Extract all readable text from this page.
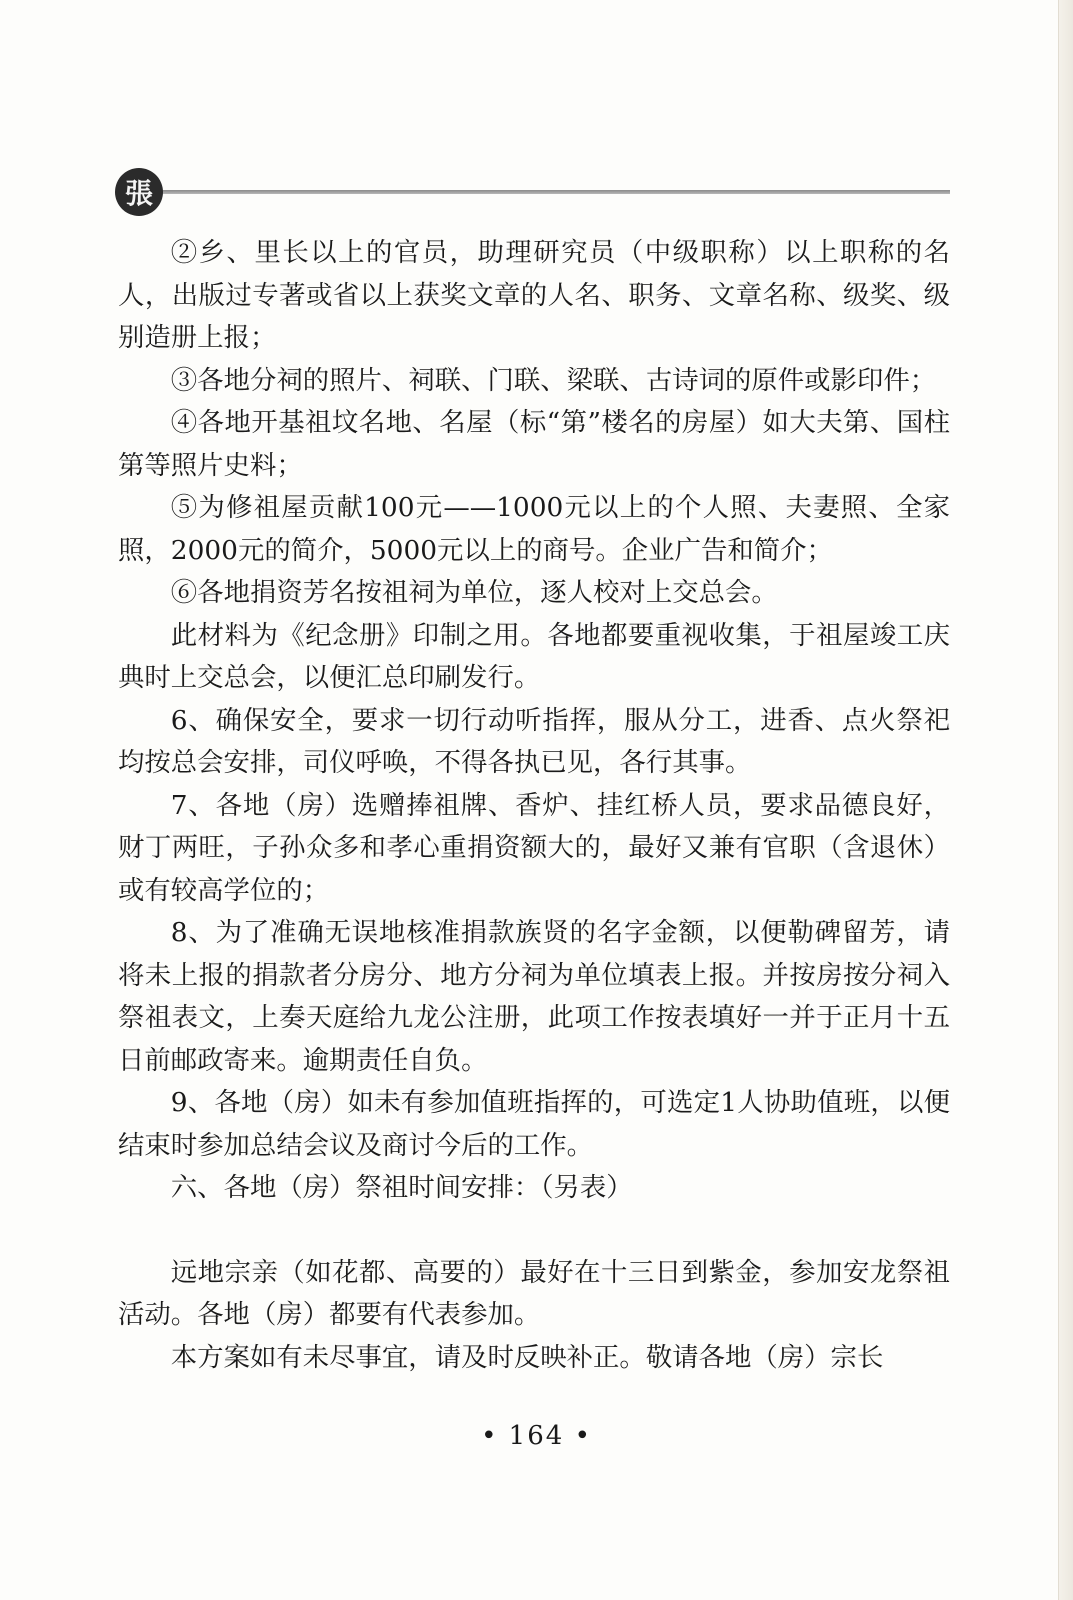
張

②乡、里长以上的官员，助理研究员（中级职称）以上职称的名人，出版过专著或省以上获奖文章的人名、职务、文章名称、级奖、级别造册上报；

③各地分祠的照片、祠联、门联、梁联、古诗词的原件或影印件；

④各地开基祖坟名地、名屋（标“第”楼名的房屋）如大夫第、国柱第等照片史料；

⑤为修祖屋贡献100元——1000元以上的个人照、夫妻照、全家照，2000元的简介，5000元以上的商号。企业广告和简介；

⑥各地捐资芳名按祖祠为单位，逐人校对上交总会。

此材料为《纪念册》印制之用。各地都要重视收集，于祖屋竣工庆典时上交总会，以便汇总印刷发行。

6、确保安全，要求一切行动听指挥，服从分工，进香、点火祭祀均按总会安排，司仪呼唤，不得各执已见，各行其事。

7、各地（房）选赠捧祖牌、香炉、挂红桥人员，要求品德良好，财丁两旺，子孙众多和孝心重捐资额大的，最好又兼有官职（含退休）或有较高学位的；

8、为了准确无误地核准捐款族贤的名字金额，以便勒碑留芳，请将未上报的捐款者分房分、地方分祠为单位填表上报。并按房按分祠入祭祖表文，上奏天庭给九龙公注册，此项工作按表填好一并于正月十五日前邮政寄来。逾期责任自负。

9、各地（房）如未有参加值班指挥的，可选定1人协助值班，以便结束时参加总结会议及商讨今后的工作。

六、各地（房）祭祖时间安排：（另表）

远地宗亲（如花都、高要的）最好在十三日到紫金，参加安龙祭祖活动。各地（房）都要有代表参加。

本方案如有未尽事宜，请及时反映补正。敬请各地（房）宗长

• 164 •
